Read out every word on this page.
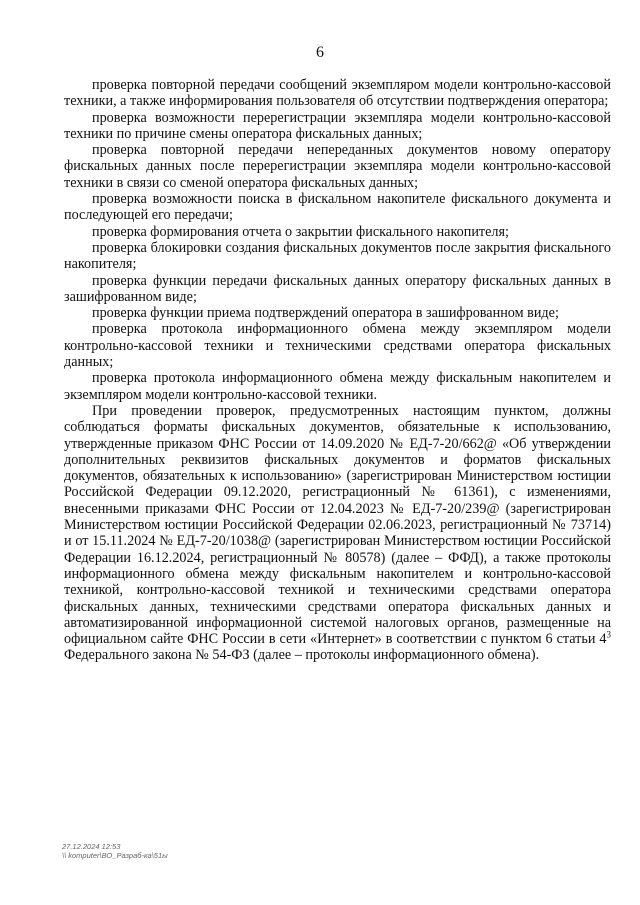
6

проверка повторной передачи сообщений экземпляром модели контрольно-кассовой техники, а также информирования пользователя об отсутствии подтверждения оператора;

проверка возможности перерегистрации экземпляра модели контрольно-кассовой техники по причине смены оператора фискальных данных;

проверка повторной передачи непереданных документов новому оператору фискальных данных после перерегистрации экземпляра модели контрольно-кассовой техники в связи со сменой оператора фискальных данных;

проверка возможности поиска в фискальном накопителе фискального документа и последующей его передачи;

проверка формирования отчета о закрытии фискального накопителя;

проверка блокировки создания фискальных документов после закрытия фискального накопителя;

проверка функции передачи фискальных данных оператору фискальных данных в зашифрованном виде;

проверка функции приема подтверждений оператора в зашифрованном виде;

проверка протокола информационного обмена между экземпляром модели контрольно-кассовой техники и техническими средствами оператора фискальных данных;

проверка протокола информационного обмена между фискальным накопителем и экземпляром модели контрольно-кассовой техники.

При проведении проверок, предусмотренных настоящим пунктом, должны соблюдаться форматы фискальных документов, обязательные к использованию, утвержденные приказом ФНС России от 14.09.2020 № ЕД-7-20/662@ «Об утверждении дополнительных реквизитов фискальных документов и форматов фискальных документов, обязательных к использованию» (зарегистрирован Министерством юстиции Российской Федерации 09.12.2020, регистрационный № 61361), с изменениями, внесенными приказами ФНС России от 12.04.2023 № ЕД-7-20/239@ (зарегистрирован Министерством юстиции Российской Федерации 02.06.2023, регистрационный № 73714) и от 15.11.2024 № ЕД-7-20/1038@ (зарегистрирован Министерством юстиции Российской Федерации 16.12.2024, регистрационный № 80578) (далее – ФФД), а также протоколы информационного обмена между фискальным накопителем и контрольно-кассовой техникой, контрольно-кассовой техникой и техническими средствами оператора фискальных данных, техническими средствами оператора фискальных данных и автоматизированной информационной системой налоговых органов, размещенные на официальном сайте ФНС России в сети «Интернет» в соответствии с пунктом 6 статьи $4^3$ Федерального закона № 54-ФЗ (далее – протоколы информационного обмена).

27.12.2024 12:53
\\ komputer\ВО_Разраб-ка\51ы
